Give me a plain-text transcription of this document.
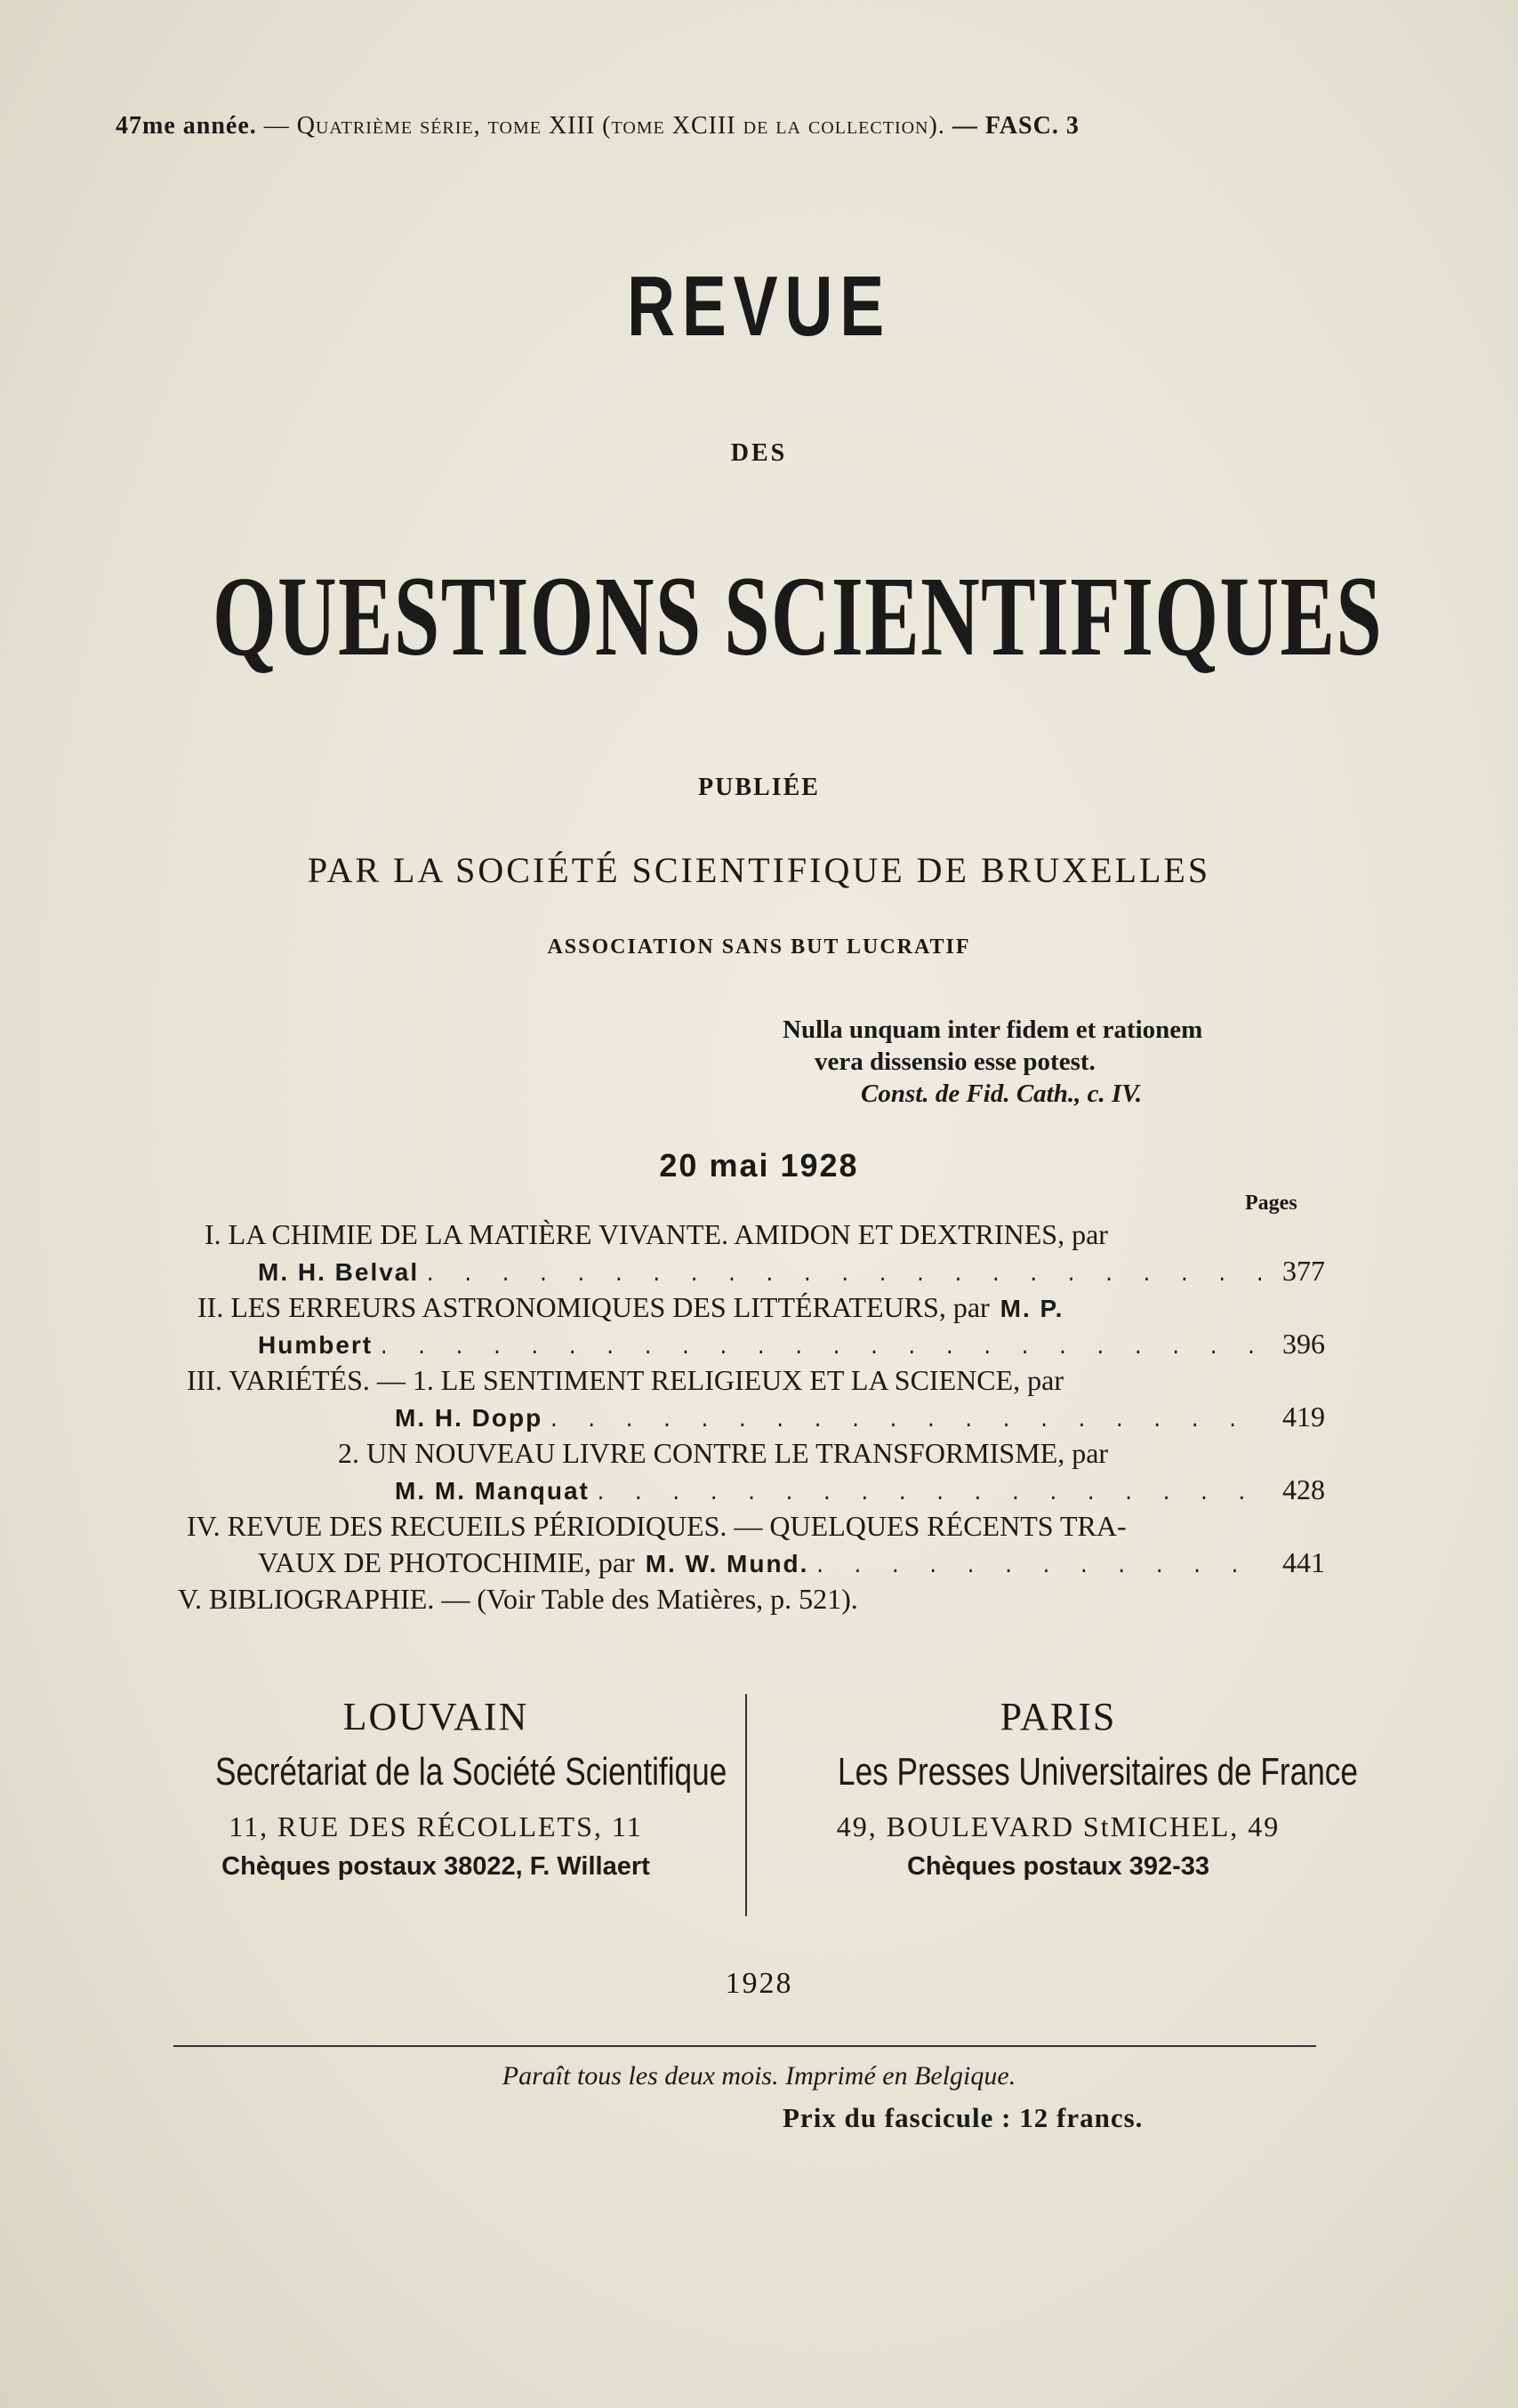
47me année. — Quatrième série, tome XIII (tome XCIII de la collection). — FASC. 3
REVUE
DES
QUESTIONS SCIENTIFIQUES
PUBLIÉE
PAR LA SOCIÉTÉ SCIENTIFIQUE DE BRUXELLES
ASSOCIATION SANS BUT LUCRATIF
Nulla unquam inter fidem et rationem
vera dissensio esse potest.
Const. de Fid. Cath., c. IV.
20 mai 1928
Pages
I. LA CHIMIE DE LA MATIÈRE VIVANTE. AMIDON ET DEXTRINES, par
M. H. Belval . . .	377
II. LES ERREURS ASTRONOMIQUES DES LITTÉRATEURS, par M. P.
Humbert . . .	396
III. VARIÉTÉS. — 1. LE SENTIMENT RELIGIEUX ET LA SCIENCE, par
M. H. Dopp . . .	419
2. UN NOUVEAU LIVRE CONTRE LE TRANSFORMISME, par
M. M. Manquat . . .	428
IV. REVUE DES RECUEILS PÉRIODIQUES. — QUELQUES RÉCENTS TRA-
VAUX DE PHOTOCHIMIE, par M. W. Mund. . . .	441
V. BIBLIOGRAPHIE. — (Voir Table des Matières, p. 521).
LOUVAIN
Secrétariat de la Société Scientifique
11, RUE DES RÉCOLLETS, 11
Chèques postaux 38022, F. Willaert
PARIS
Les Presses Universitaires de France
49, BOULEVARD StMICHEL, 49
Chèques postaux 392-33
1928
Paraît tous les deux mois. Imprimé en Belgique.
Prix du fascicule : 12 francs.
